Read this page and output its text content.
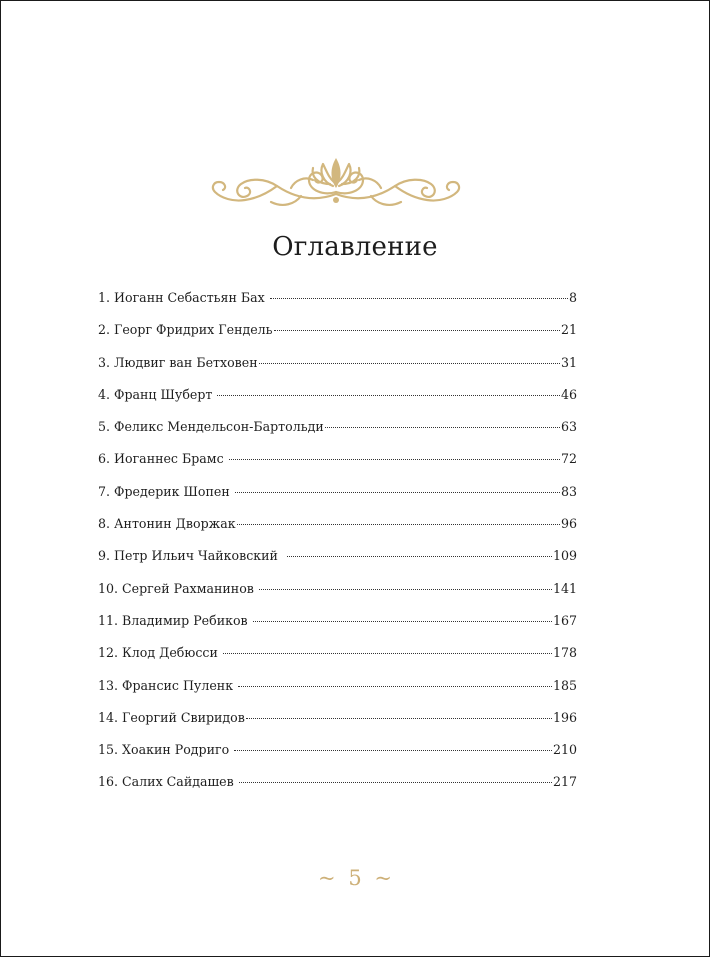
Оглавление
1. Иоганн Себастьян Бах	8
2. Георг Фридрих Гендель	21
3. Людвиг ван Бетховен	31
4. Франц Шуберт	46
5. Феликс Мендельсон-Бартольди	63
6. Иоганнес Брамс	72
7. Фредерик Шопен	83
8. Антонин Дворжак	96
9. Петр Ильич Чайковский	109
10. Сергей Рахманинов	141
11. Владимир Ребиков	167
12. Клод Дебюсси	178
13. Франсис Пуленк	185
14. Георгий Свиридов	196
15. Хоакин Родриго	210
16. Салих Сайдашев	217
~ 5 ~
